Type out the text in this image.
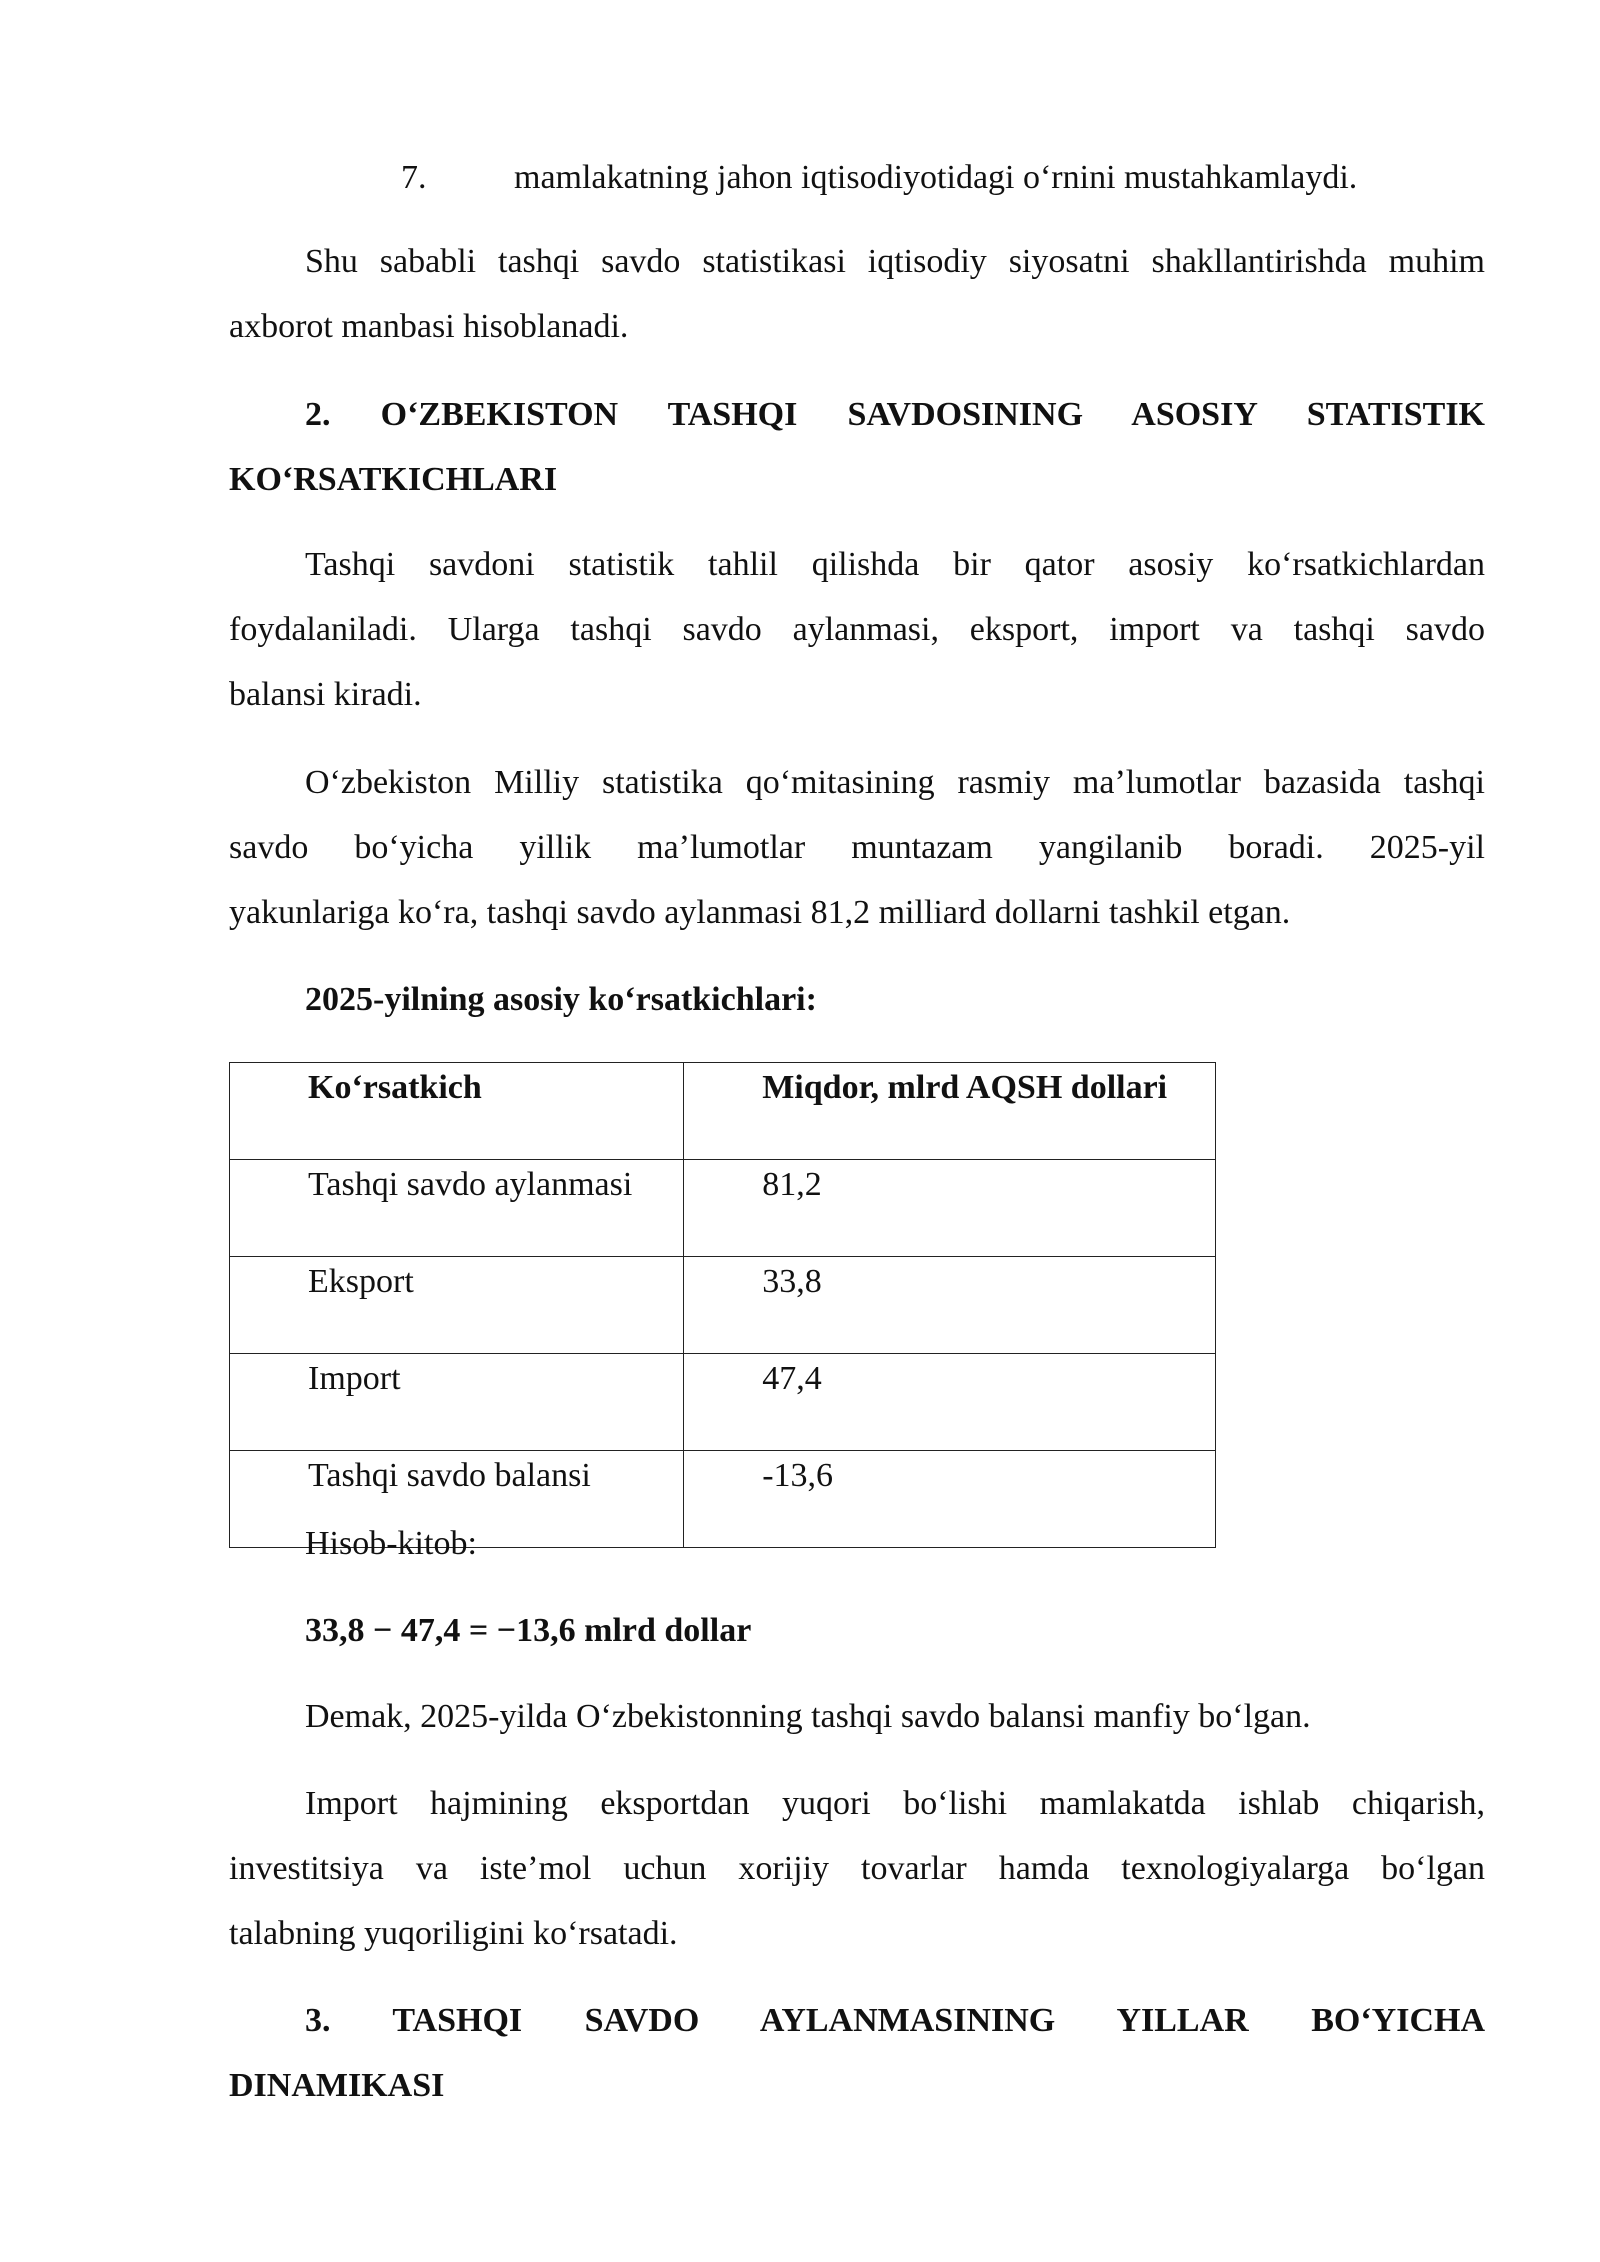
7.	mamlakatning jahon iqtisodiyotidagi oʻrnini mustahkamlaydi.

Shu sababli tashqi savdo statistikasi iqtisodiy siyosatni shakllantirishda muhim

axborot manbasi hisoblanadi.

2. OʻZBEKISTON TASHQI SAVDOSINING ASOSIY STATISTIK

KOʻRSATKICHLARI

Tashqi savdoni statistik tahlil qilishda bir qator asosiy koʻrsatkichlardan

foydalaniladi. Ularga tashqi savdo aylanmasi, eksport, import va tashqi savdo

balansi kiradi.

Oʻzbekiston Milliy statistika qoʻmitasining rasmiy maʼlumotlar bazasida tashqi

savdo boʻyicha yillik maʼlumotlar muntazam yangilanib boradi. 2025-yil

yakunlariga koʻra, tashqi savdo aylanmasi 81,2 milliard dollarni tashkil etgan.

2025-yilning asosiy koʻrsatkichlari:

Koʻrsatkich	Miqdor, mlrd AQSH dollari
Tashqi savdo aylanmasi	81,2
Eksport	33,8
Import	47,4
Tashqi savdo balansi	-13,6

Hisob-kitob:

33,8 − 47,4 = −13,6 mlrd dollar

Demak, 2025-yilda Oʻzbekistonning tashqi savdo balansi manfiy boʻlgan.

Import hajmining eksportdan yuqori boʻlishi mamlakatda ishlab chiqarish,

investitsiya va isteʼmol uchun xorijiy tovarlar hamda texnologiyalarga boʻlgan

talabning yuqoriligini koʻrsatadi.

3. TASHQI SAVDO AYLANMASINING YILLAR BOʻYICHA

DINAMIKASI
